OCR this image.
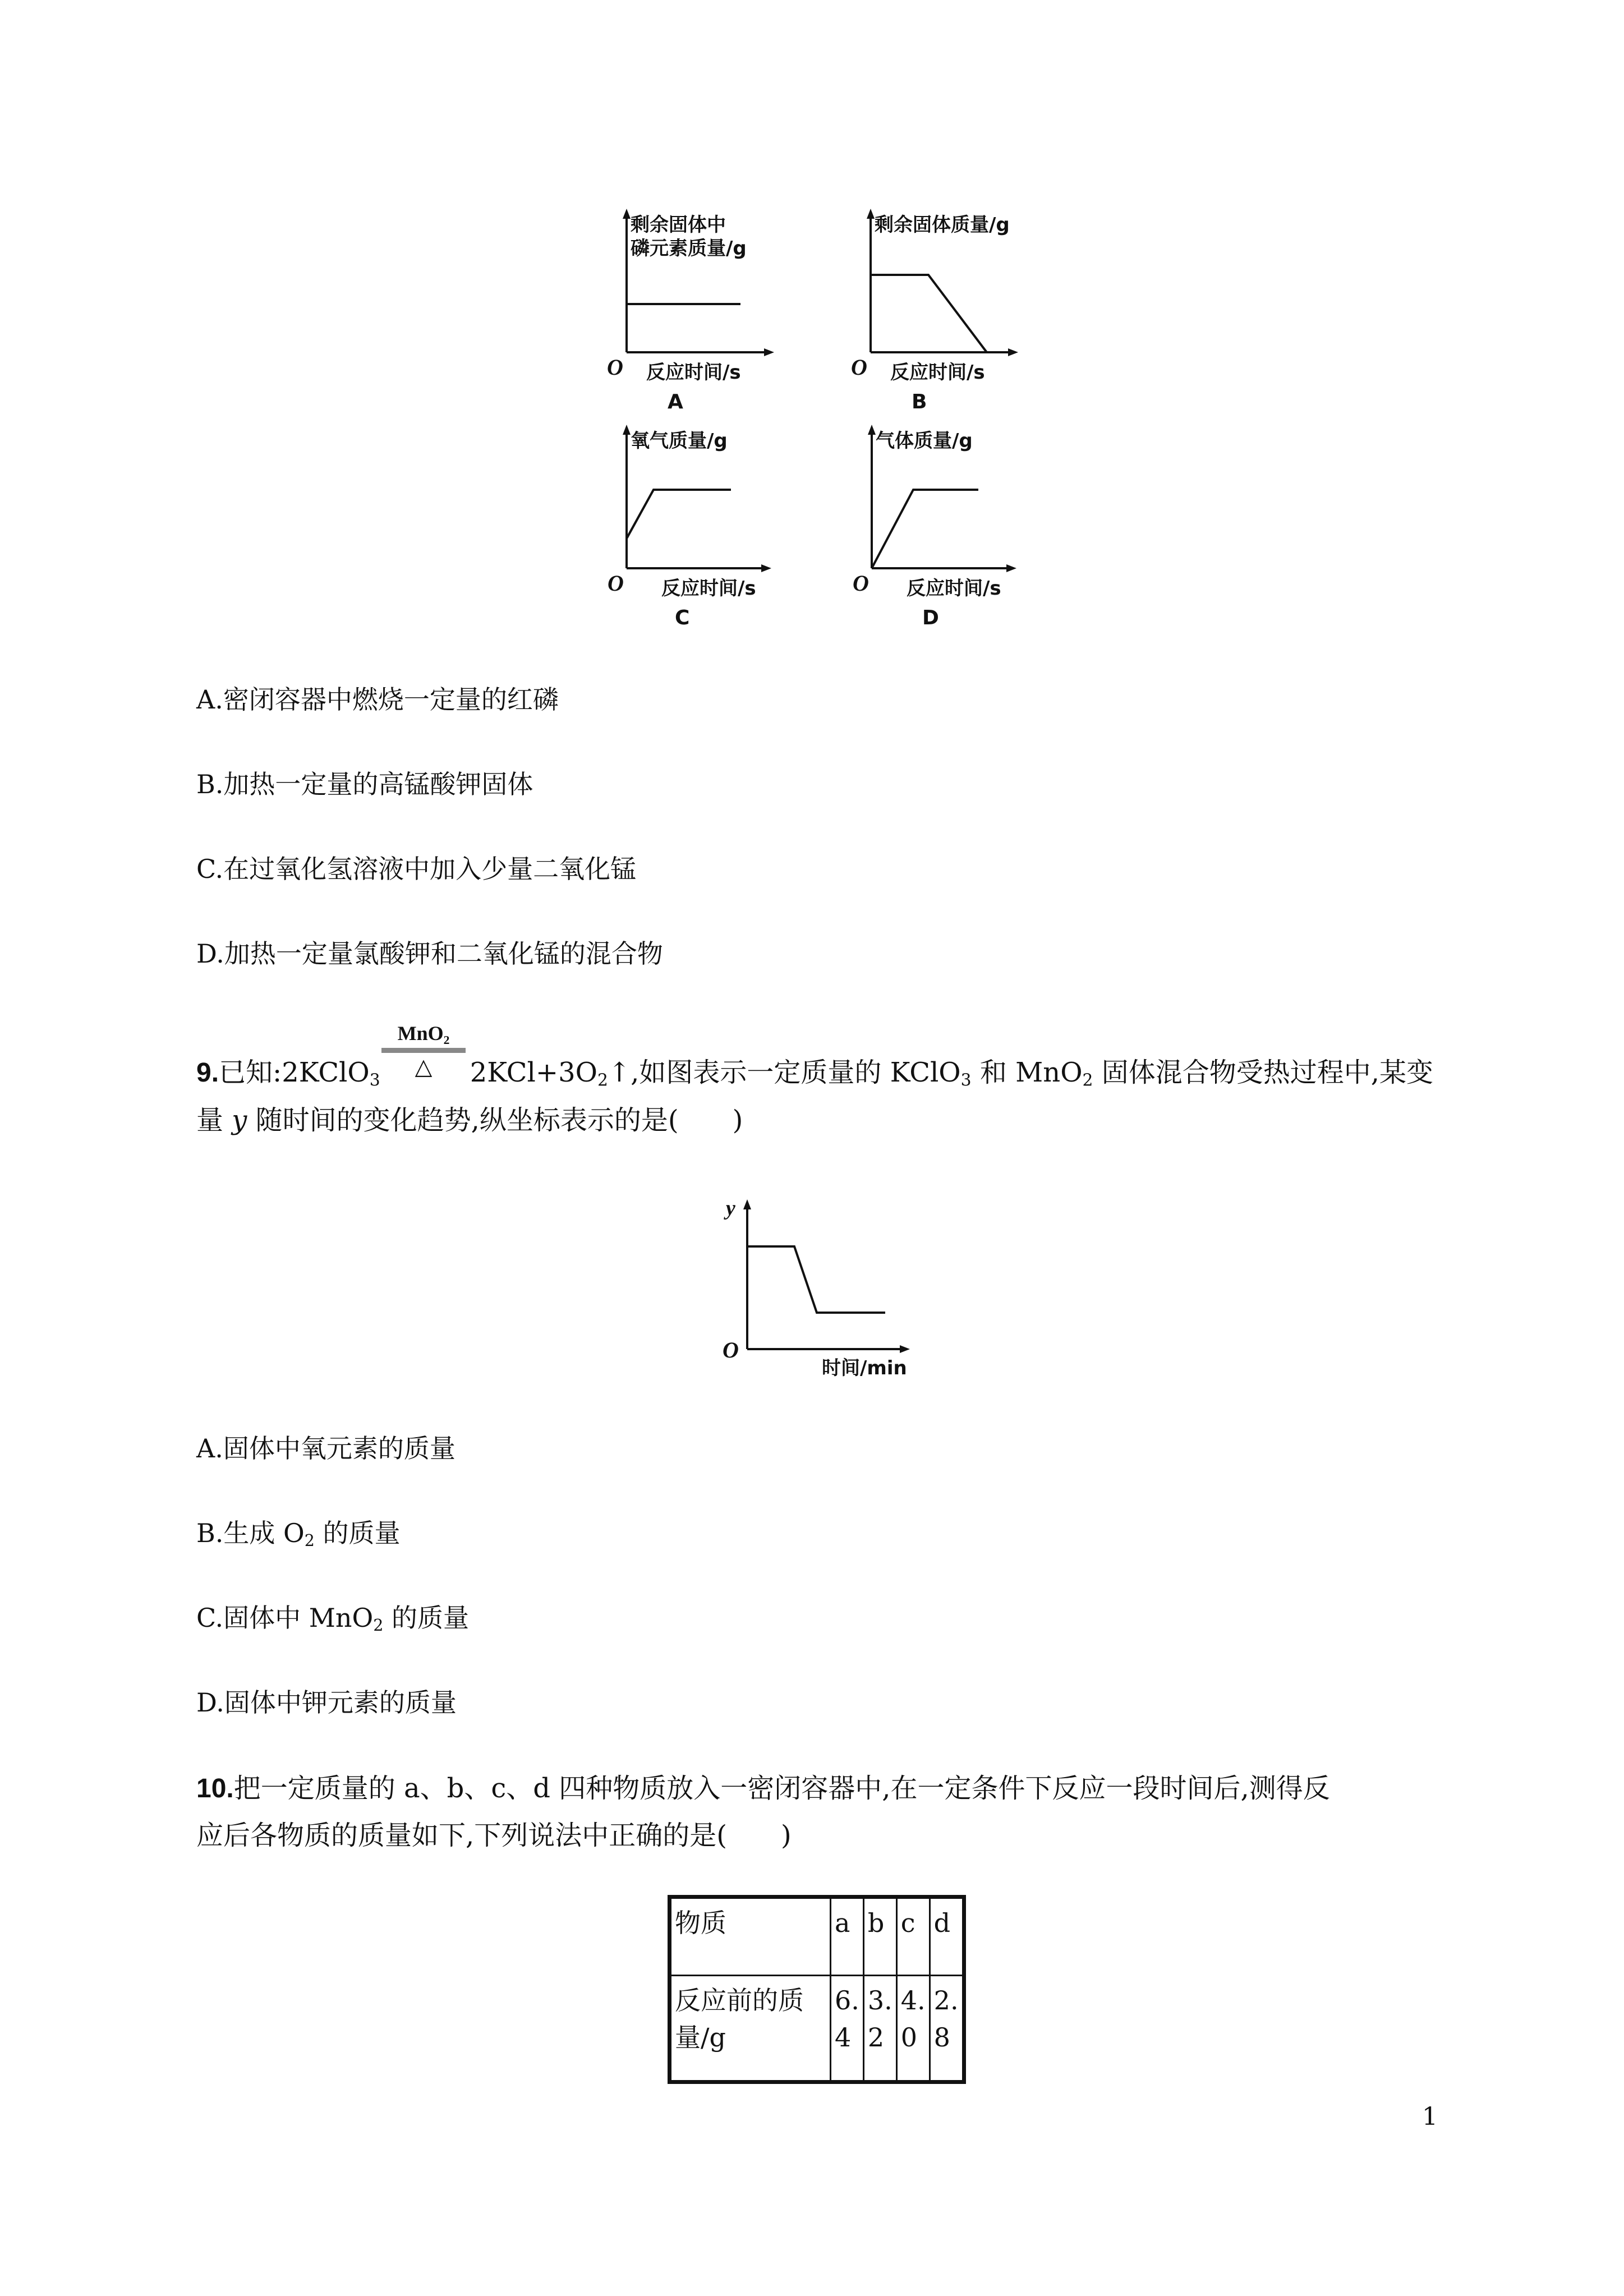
剩余固体中
磷元素质量/g
O 反应时间/s
A
剩余固体质量/g
O 反应时间/s
B
氧气质量/g
O 反应时间/s
C
气体质量/g
O 反应时间/s
D
A.密闭容器中燃烧一定量的红磷
B.加热一定量的高锰酸钾固体
C.在过氧化氢溶液中加入少量二氧化锰
D.加热一定量氯酸钾和二氧化锰的混合物
MnO₂
△
9.已知:2KClO$_3$	$2KCl+3O_2↑$,如图表示一定质量的 KClO$_3$ 和 MnO$_2$ 固体混合物受热过程中,某变
量 y 随时间的变化趋势,纵坐标表示的是(　　)
y
O
时间/min
A.固体中氧元素的质量
B.生成 $O_2$ 的质量
C.固体中 MnO$_2$ 的质量
D.固体中钾元素的质量
10.把一定质量的 a、b、c、d 四种物质放入一密闭容器中,在一定条件下反应一段时间后,测得反
应后各物质的质量如下,下列说法中正确的是(　　)
物质	a	b	c	d
反应前的质量/g	6.4	3.2	4.0	2.8
1
